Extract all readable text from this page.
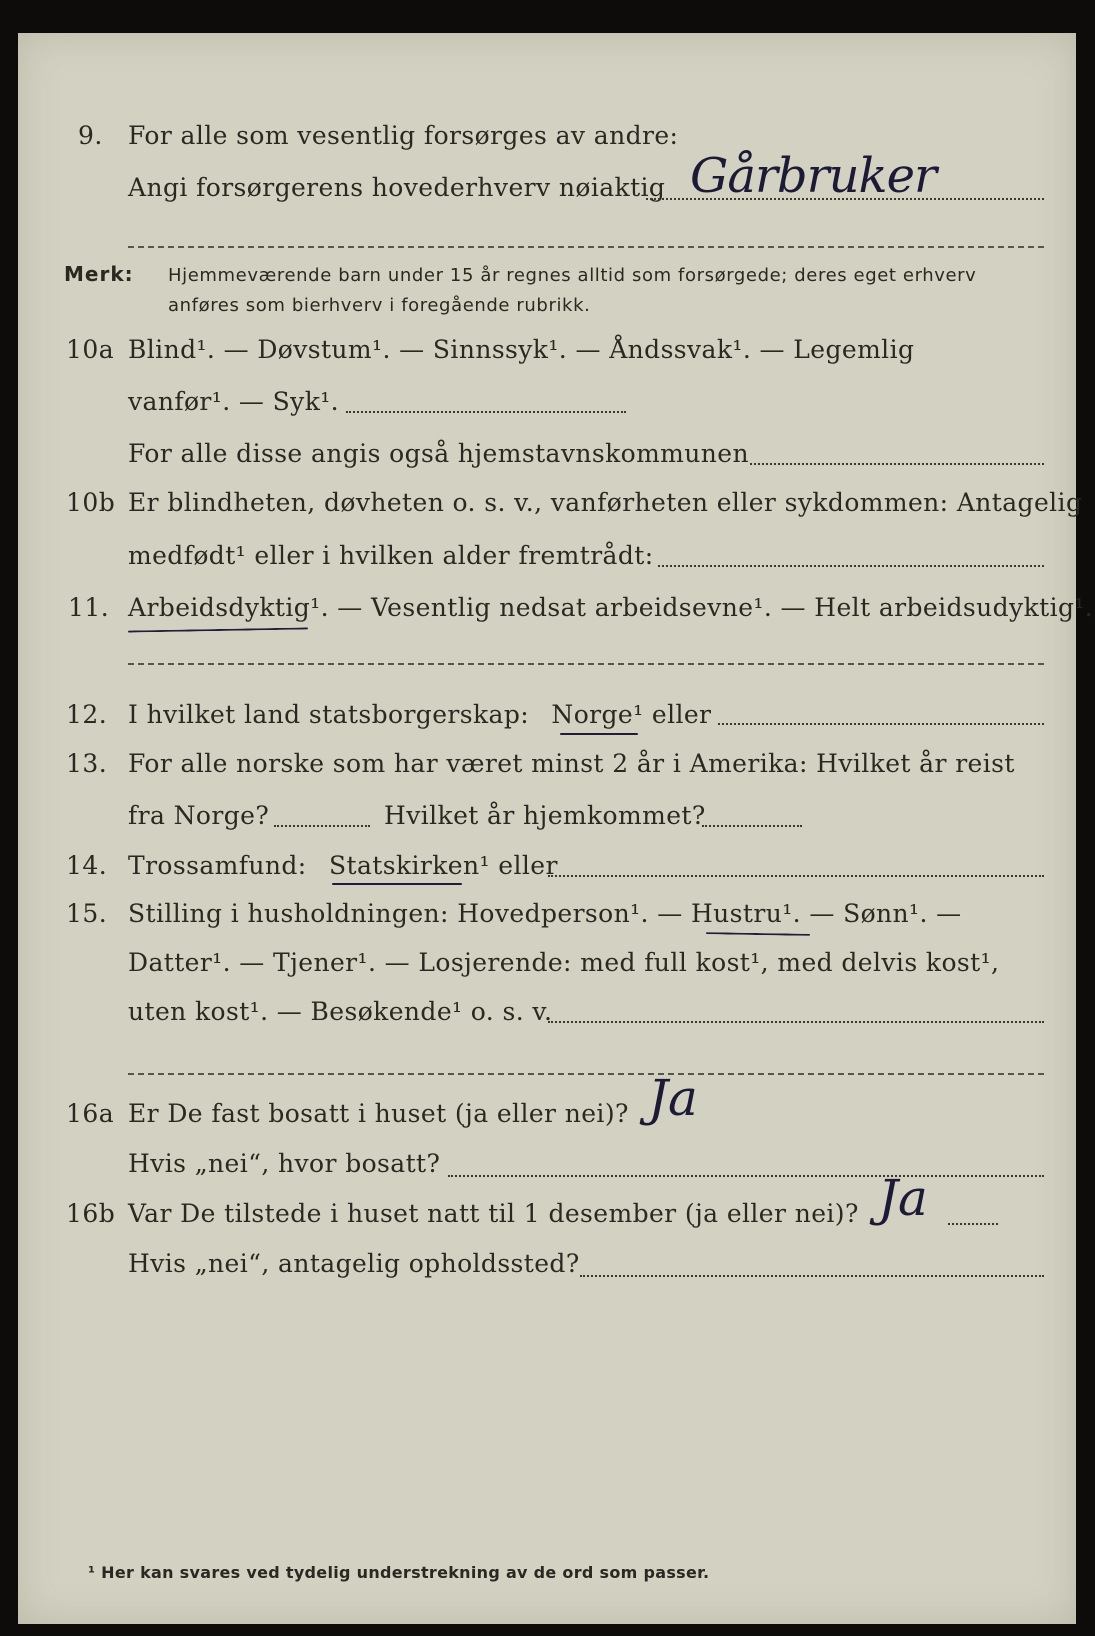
9.	For alle som vesentlig forsørges av andre:
Angi forsørgerens hovederhverv nøiaktig Gårbruker
Merk: Hjemmeværende barn under 15 år regnes alltid som forsørgede; deres eget erhverv
anføres som bierhverv i foregående rubrikk.
10a Blind¹. — Døvstum¹. — Sinnssyk¹. — Åndssvak¹. — Legemlig
vanfør¹. — Syk¹.
For alle disse angis også hjemstavnskommunen
10b Er blindheten, døvheten o. s. v., vanførheten eller sykdommen: Antagelig
medfødt¹ eller i hvilken alder fremtrådt:
11. Arbeidsdyktig¹. — Vesentlig nedsat arbeidsevne¹. — Helt arbeidsudyktig¹.
12. I hvilket land statsborgerskap: Norge¹ eller
13. For alle norske som har været minst 2 år i Amerika: Hvilket år reist
fra Norge?	Hvilket år hjemkommet?
14. Trossamfund: Statskirken¹ eller
15. Stilling i husholdningen: Hovedperson¹. — Hustru¹. — Sønn¹. —
Datter¹. — Tjener¹. — Losjerende: med full kost¹, med delvis kost¹,
uten kost¹. — Besøkende¹ o. s. v.
16a Er De fast bosatt i huset (ja eller nei)? Ja
Hvis „nei“, hvor bosatt?
16b Var De tilstede i huset natt til 1 desember (ja eller nei)? Ja
Hvis „nei“, antagelig opholdssted?
¹ Her kan svares ved tydelig understrekning av de ord som passer.
